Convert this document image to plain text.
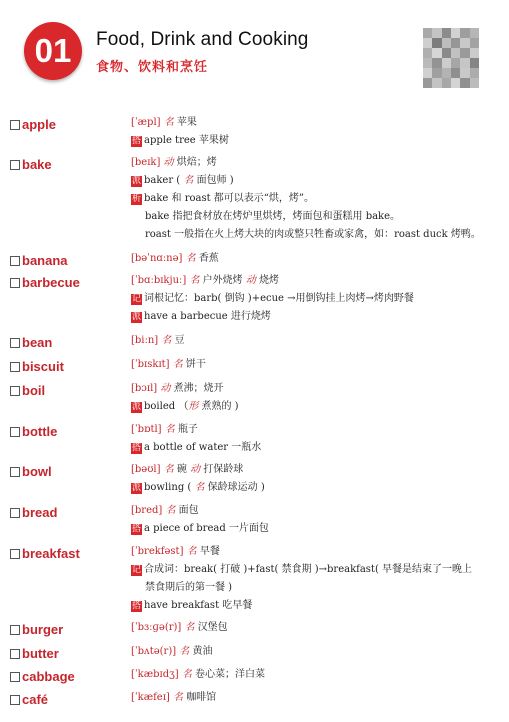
01	Food, Drink and Cooking
食物、饮料和烹饪
apple	[ˈæpl] 名 苹果
搭 apple tree 苹果树
bake	[beɪk] 动 烘焙；烤
派 baker ( 名 面包师 )
析 bake 和 roast 都可以表示“烘，烤”。
bake 指把食材放在烤炉里烘烤，烤面包和蛋糕用 bake。
roast 一般指在火上烤大块的肉或整只牲畜或家禽，如：roast duck 烤鸭。
banana	[bəˈnɑːnə] 名 香蕉
barbecue	[ˈbɑːbɪkjuː] 名 户外烧烤 动 烧烤
记 词根记忆：barb( 倒钩 )+ecue →用倒钩挂上肉烤→烤肉野餐
派 have a barbecue 进行烧烤
bean	[biːn] 名 豆
biscuit	[ˈbɪskɪt] 名 饼干
boil	[bɔɪl] 动 煮沸；烧开
派 boiled （形 煮熟的 )
bottle	[ˈbɒtl] 名 瓶子
搭 a bottle of water 一瓶水
bowl	[bəʊl] 名 碗 动 打保龄球
派 bowling ( 名 保龄球运动 )
bread	[bred] 名 面包
搭 a piece of bread 一片面包
breakfast	[ˈbrekfəst] 名 早餐
记 合成词：break( 打破 )+fast( 禁食期 )→breakfast( 早餐是结束了一晚上
禁食期后的第一餐 )
搭 have breakfast 吃早餐
burger	[ˈbɜːɡə(r)] 名 汉堡包
butter	[ˈbʌtə(r)] 名 黄油
cabbage	[ˈkæbɪdʒ] 名 卷心菜；洋白菜
café	[ˈkæfeɪ] 名 咖啡馆
